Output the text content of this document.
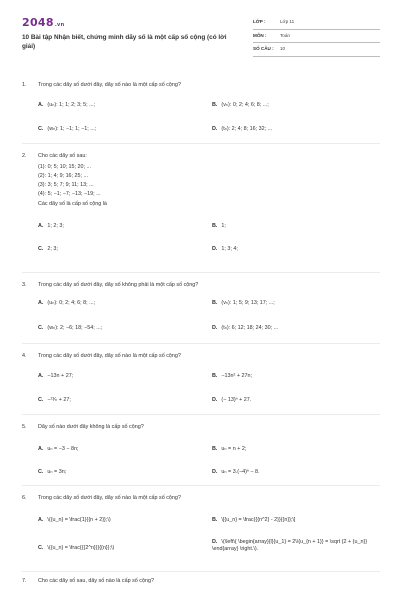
2048.vn
10 Bài tập Nhận biết, chứng minh dãy số là một cấp số cộng (có lời giải)
LỚP :	Lớp 11
MÔN :	Toán
SỐ CÂU : 10
1. Trong các dãy số dưới đây, dãy số nào là một cấp số cộng?
A. (uₙ): 1; 1; 2; 3; 5; ...;	B. (vₙ): 0; 2; 4; 6; 8; ...;
C. (wₙ): 1; −1; 1; −1; ...;	D. (tₙ): 2; 4; 8; 16; 32; ...
2. Cho các dãy số sau:
(1): 0; 5; 10; 15; 20; ...
(2): 1; 4; 9; 16; 25; ...
(3): 3; 5; 7; 9; 11; 13; ...
(4): 5; −1; −7; −13; −19; ...
Các dãy số là cấp số cộng là
A. 1; 2; 3;	B. 1;
C. 2; 3;	D. 1; 3; 4;
3. Trong các dãy số dưới đây, dãy số không phải là một cấp số cộng?
A. (uₙ): 0; 2; 4; 6; 8; ...;	B. (vₙ): 1; 5; 9; 13; 17; ...;
C. (wₙ): 2; −6; 18; −54; ...;	D. (tₙ): 6; 12; 18; 24; 30; ...
4. Trong các dãy số dưới đây, dãy số nào là một cấp số cộng?
A. −13n + 27;	B. −13n² + 27n;
C. −¹³⁄ₙ + 27;	D. (− 13)ⁿ + 27.
5. Dãy số nào dưới đây không là cấp số cộng?
A. uₙ = −3 − 8n;	B. uₙ = n + 2;
C. uₙ = 3n;	D. uₙ = 3.(−4)ⁿ − 8.
6. Trong các dãy số dưới đây, dãy số nào là một cấp số cộng?
A. \({u_n} = \frac{1}{{n + 2}};\)	B. \[{u_n} = \frac{{{n^2} - 2}}{{n}};\]
C. \({u_n} = \frac{{{2^n}}}{{n}};\)
D. \(\left\{ \begin{array}{l}{u_1} = 2\\{u_{n + 1}} = \sqrt {2 + {u_n}} \end{array} \right.\).
7. Cho các dãy số sau, dãy số nào là cấp số cộng?
